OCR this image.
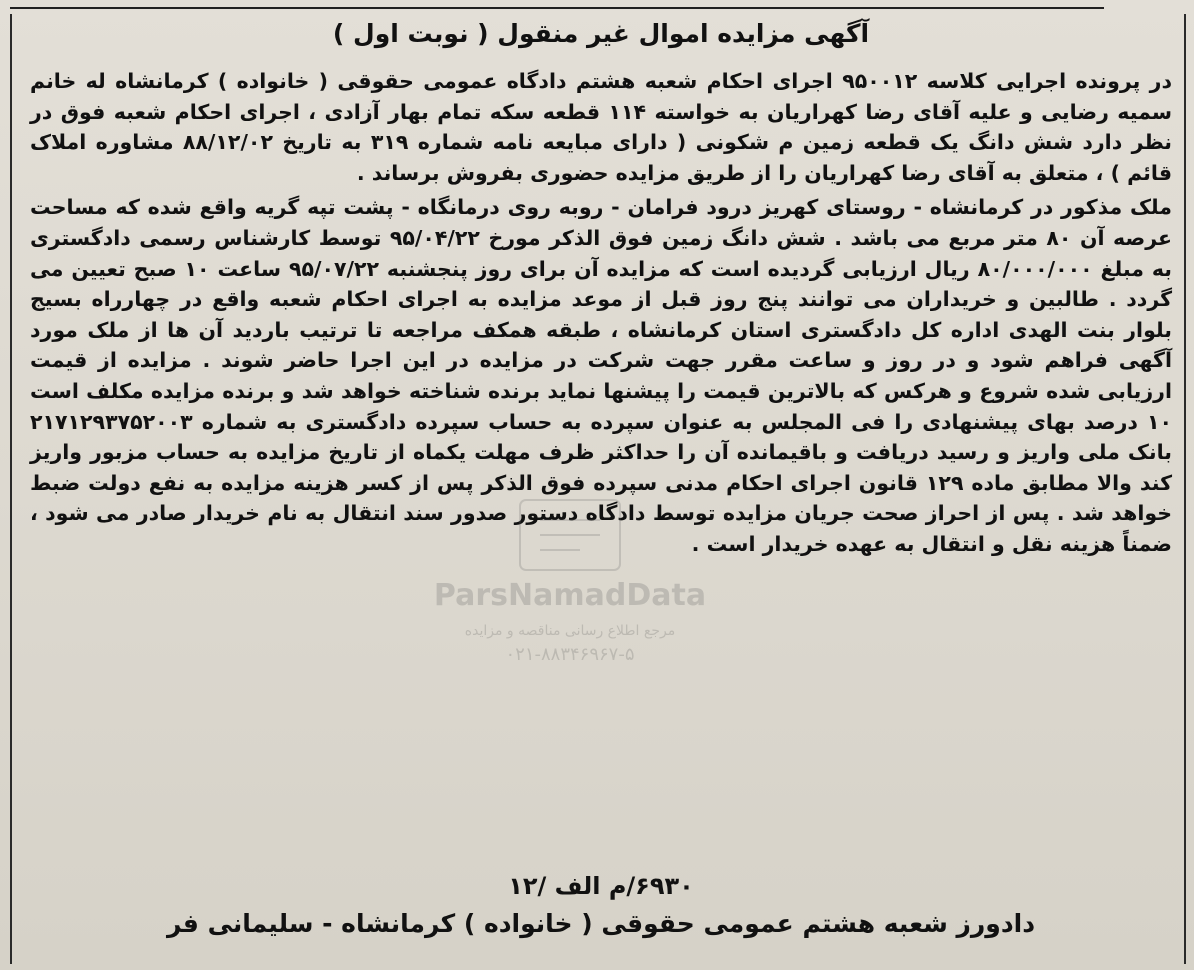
آگهی مزایده اموال غیر منقول ( نوبت اول )

در پرونده اجرایی کلاسه ۹۵۰۰۱۲ اجرای احکام شعبه هشتم دادگاه عمومی حقوقی ( خانواده ) کرمانشاه له خانم سمیه رضایی و علیه آقای رضا کهراریان به خواسته ۱۱۴ قطعه سکه تمام بهار آزادی ، اجرای احکام شعبه فوق در نظر دارد شش دانگ یک قطعه زمین م شکونی ( دارای مبایعه نامه شماره ۳۱۹ به تاریخ ۸۸/۱۲/۰۲ مشاوره املاک قائم ) ، متعلق به آقای رضا کهراریان را از طریق مزایده حضوری بفروش برساند .

ملک مذکور در کرمانشاه - روستای کهریز درود فرامان - روبه روی درمانگاه - پشت تپه گریه واقع شده که مساحت عرصه آن ۸۰ متر مربع می باشد . شش دانگ زمین فوق الذکر مورخ ۹۵/۰۴/۲۲ توسط کارشناس رسمی دادگستری به مبلغ ۸۰/۰۰۰/۰۰۰ ریال ارزیابی گردیده است که مزایده آن برای روز پنجشنبه ۹۵/۰۷/۲۲ ساعت ۱۰ صبح تعیین می گردد . طالبین و خریداران می توانند پنج روز قبل از موعد مزایده به اجرای احکام شعبه واقع در چهارراه بسیج بلوار بنت الهدی اداره کل دادگستری استان کرمانشاه ، طبقه همکف مراجعه تا ترتیب باردید آن ها از ملک مورد آگهی فراهم شود و در روز و ساعت مقرر جهت شرکت در مزایده در این اجرا حاضر شوند . مزایده از قیمت ارزیابی شده شروع و هرکس که بالاترین قیمت را پیشنها نماید برنده شناخته خواهد شد و برنده مزایده مکلف است ۱۰ درصد بهای پیشنهادی را فی المجلس به عنوان سپرده به حساب سپرده دادگستری به شماره ۲۱۷۱۲۹۳۷۵۲۰۰۳ بانک ملی واریز و رسید دریافت و باقیمانده آن را حداکثر ظرف مهلت یکماه از تاریخ مزایده به حساب مزبور واریز کند والا مطابق ماده ۱۲۹ قانون اجرای احکام مدنی سپرده فوق الذکر پس از کسر هزینه مزایده به نفع دولت ضبط خواهد شد . پس از احراز صحت جریان مزایده توسط دادگاه دستور صدور سند انتقال به نام خریدار صادر می شود ، ضمناً هزینه نقل و انتقال به عهده خریدار است .

ParsNamadData
مرجع اطلاع رسانی مناقصه و مزایده
۰۲۱-۸۸۳۴۶۹۶۷-۵
۶۹۳۰/م الف /۱۲
دادورز شعبه هشتم عمومی حقوقی ( خانواده ) کرمانشاه - سلیمانی فر
